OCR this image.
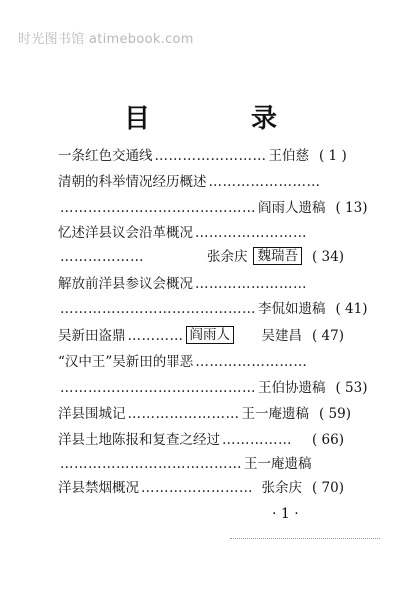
时光图书馆 atimebook.com
目 录
一条红色交通线 …………………… 王伯慈 ( 1 )
清朝的科举情况经历概述 ……………………
…………………………………… 阎雨人遗稿 ( 13)
忆述洋县议会沿革概况 ……………………
………………	张余庆 魏瑞吾 ( 34)
解放前洋县参议会概况 ……………………
…………………………………… 李侃如遗稿 ( 41)
吴新田盗鼎 ………… 阎雨人 吴建昌 ( 47)
“汉中王”吴新田的罪恶 ……………………
…………………………………… 王伯协遗稿 ( 53)
洋县围城记 …………………… 王一庵遗稿 ( 59)
洋县土地陈报和复查之经过 ……………	( 66)
………………………………… 王一庵遗稿
洋县禁烟概况 …………………… 张余庆 ( 70)
· 1 ·
